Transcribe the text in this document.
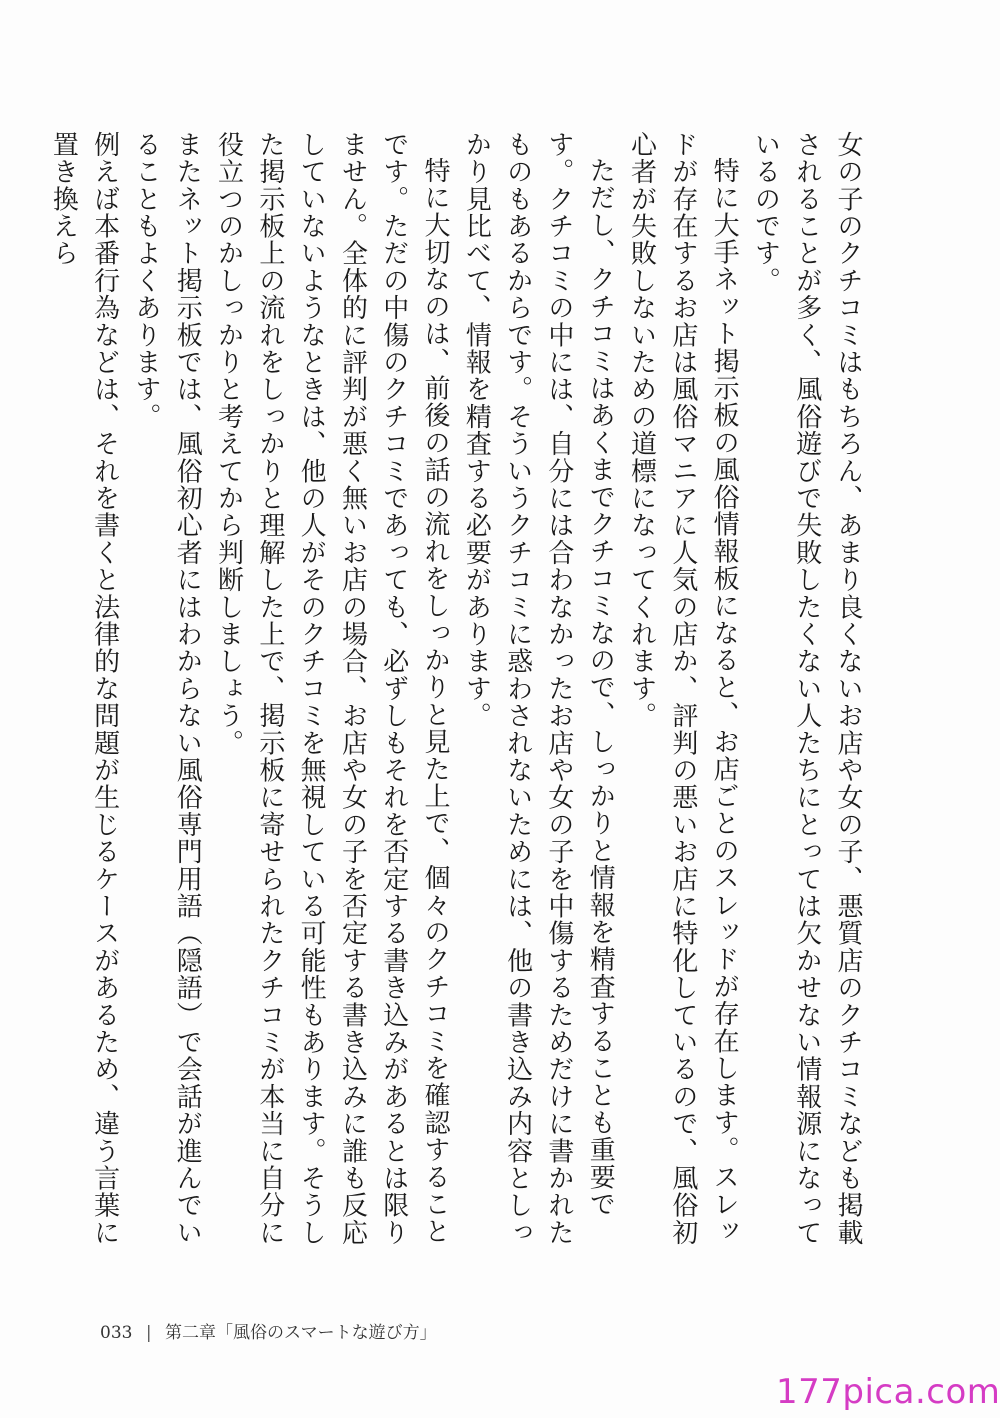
女の子のクチコミはもちろん、あまり良くないお店や女の子、悪質店のクチコミなども掲載されることが多く、風俗遊びで失敗したくない人たちにとっては欠かせない情報源になっているのです。

特に大手ネット掲示板の風俗情報板になると、お店ごとのスレッドが存在します。スレッドが存在するお店は風俗マニアに人気の店か、評判の悪いお店に特化しているので、風俗初心者が失敗しないための道標になってくれます。

ただし、クチコミはあくまでクチコミなので、しっかりと情報を精査することも重要です。クチコミの中には、自分には合わなかったお店や女の子を中傷するためだけに書かれたものもあるからです。そういうクチコミに惑わされないためには、他の書き込み内容としっかり見比べて、情報を精査する必要があります。

特に大切なのは、前後の話の流れをしっかりと見た上で、個々のクチコミを確認することです。ただの中傷のクチコミであっても、必ずしもそれを否定する書き込みがあるとは限りません。全体的に評判が悪く無いお店の場合、お店や女の子を否定する書き込みに誰も反応していないようなときは、他の人がそのクチコミを無視している可能性もあります。そうした掲示板上の流れをしっかりと理解した上で、掲示板に寄せられたクチコミが本当に自分に役立つのかしっかりと考えてから判断しましょう。

またネット掲示板では、風俗初心者にはわからない風俗専門用語（隠語）で会話が進んでいることもよくあります。

例えば本番行為などは、それを書くと法律的な問題が生じるケースがあるため、違う言葉に置き換えら

033 | 第二章「風俗のスマートな遊び方」
177pica.com
